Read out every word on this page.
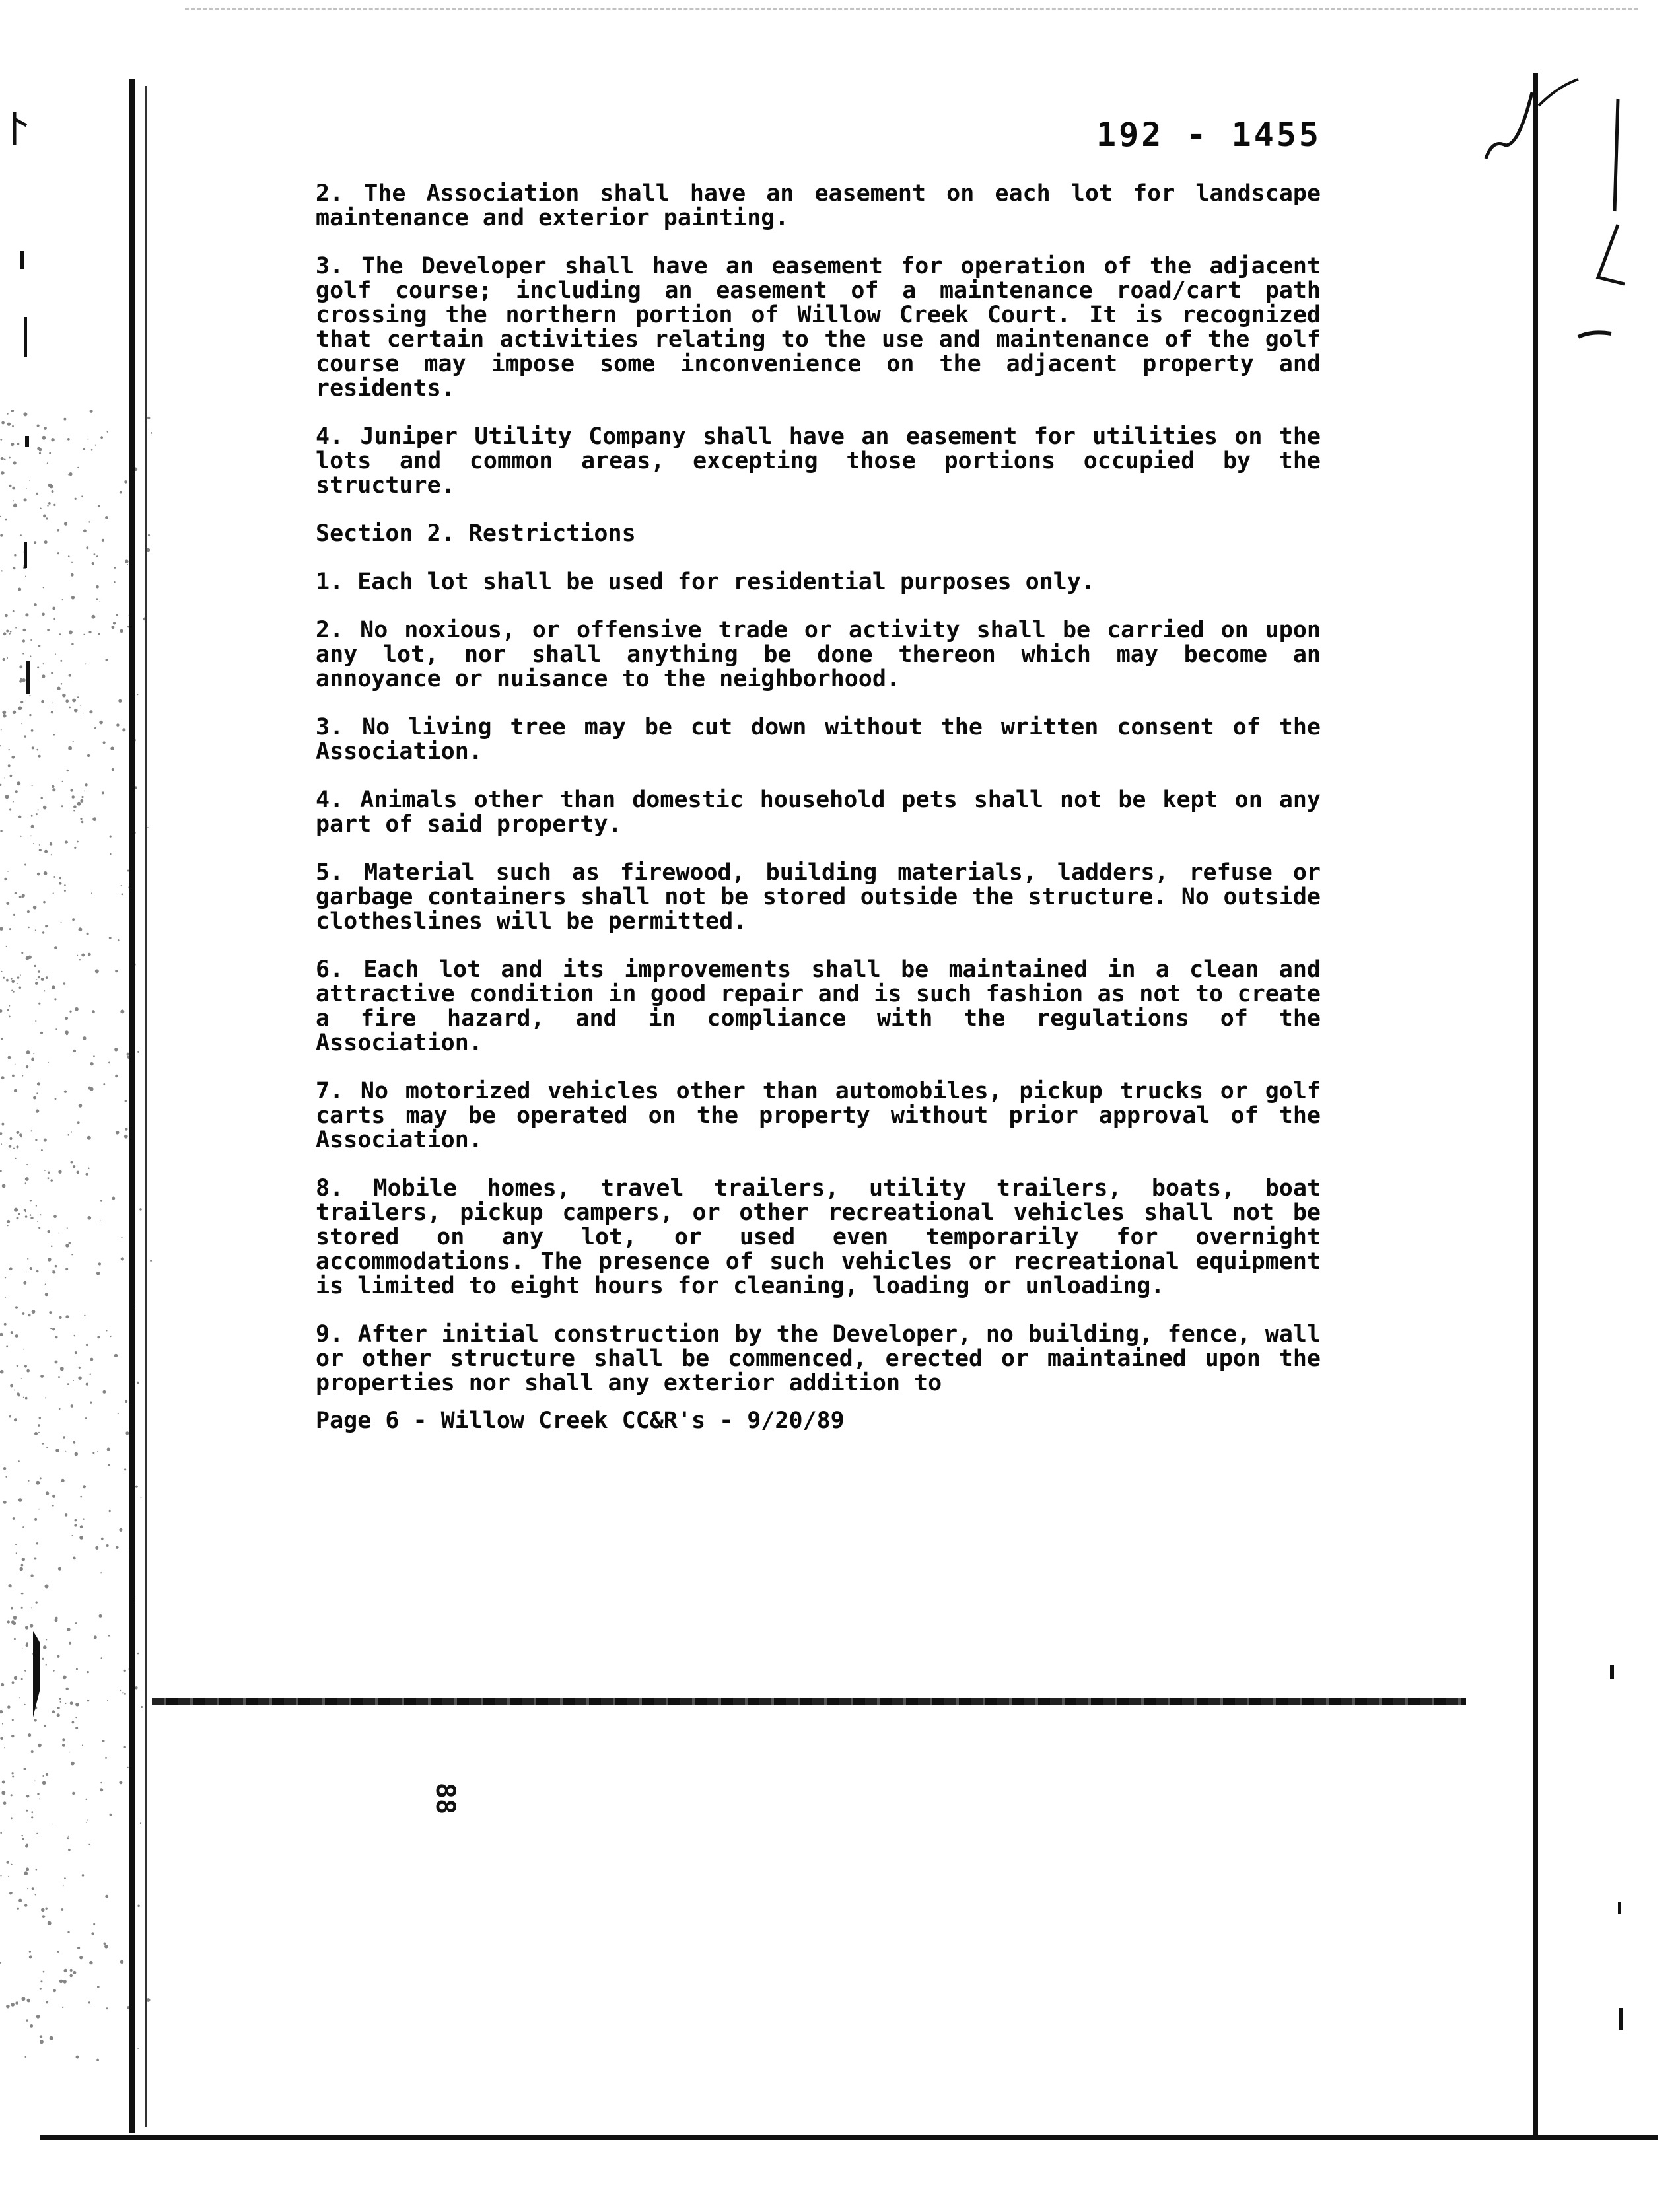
192 - 1455

2. The Association shall have an easement on each lot for landscape maintenance and exterior painting.

3. The Developer shall have an easement for operation of the adjacent golf course; including an easement of a maintenance road/cart path crossing the northern portion of Willow Creek Court. It is recognized that certain activities relating to the use and maintenance of the golf course may impose some inconvenience on the adjacent property and residents.

4. Juniper Utility Company shall have an easement for utilities on the lots and common areas, excepting those portions occupied by the structure.

Section 2. Restrictions

1. Each lot shall be used for residential purposes only.

2. No noxious, or offensive trade or activity shall be carried on upon any lot, nor shall anything be done thereon which may become an annoyance or nuisance to the neighborhood.

3. No living tree may be cut down without the written consent of the Association.

4. Animals other than domestic household pets shall not be kept on any part of said property.

5. Material such as firewood, building materials, ladders, refuse or garbage containers shall not be stored outside the structure. No outside clotheslines will be permitted.

6. Each lot and its improvements shall be maintained in a clean and attractive condition in good repair and is such fashion as not to create a fire hazard, and in compliance with the regulations of the Association.

7. No motorized vehicles other than automobiles, pickup trucks or golf carts may be operated on the property without prior approval of the Association.

8. Mobile homes, travel trailers, utility trailers, boats, boat trailers, pickup campers, or other recreational vehicles shall not be stored on any lot, or used even temporarily for overnight accommodations. The presence of such vehicles or recreational equipment is limited to eight hours for cleaning, loading or unloading.

9. After initial construction by the Developer, no building, fence, wall or other structure shall be commenced, erected or maintained upon the properties nor shall any exterior addition to

Page 6 - Willow Creek CC&R's - 9/20/89

88
